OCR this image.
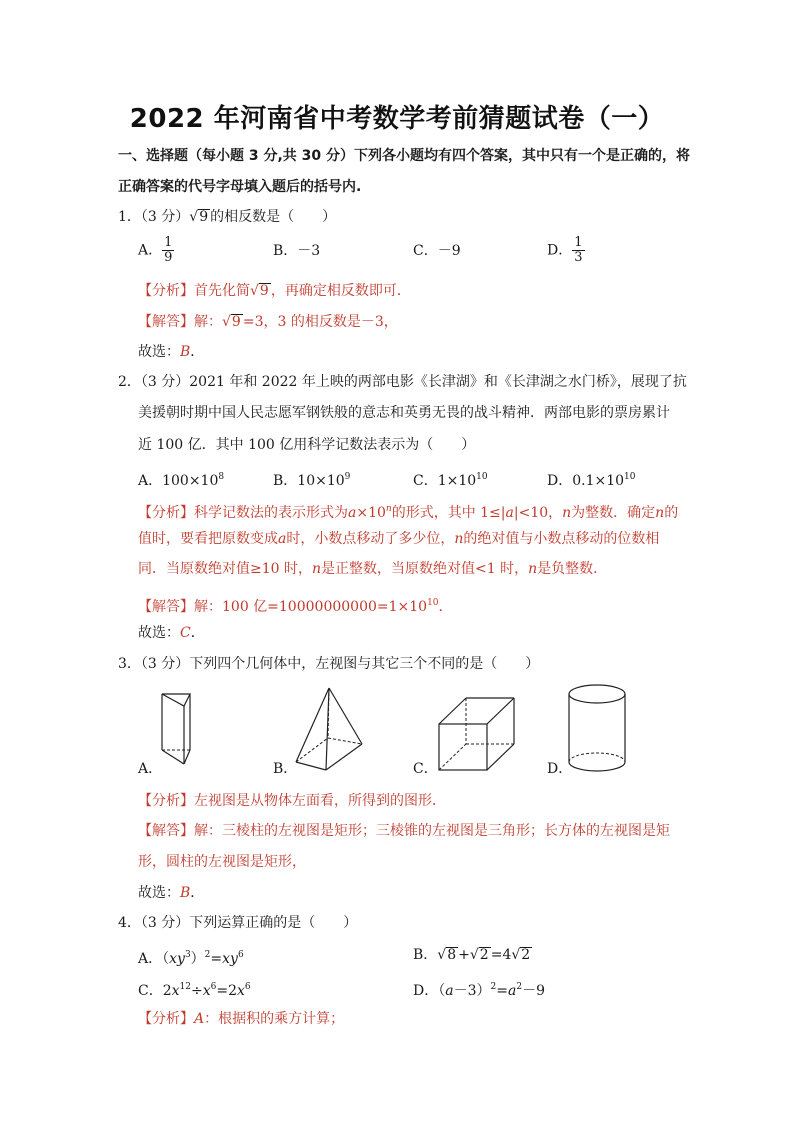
2022 年河南省中考数学考前猜题试卷（一）
一、选择题（每小题 3 分,共 30 分）下列各小题均有四个答案，其中只有一个是正确的，将
正确答案的代号字母填入题后的括号内.
1．（3 分）√9 的相反数是（　　）
A． $\frac{1}{9}$	B．－3	C．－9	D． $\frac{1}{3}$
【分析】首先化简√9 ，再确定相反数即可．
【解答】解：√9 =3，3 的相反数是－3，
故选：B．
2．（3 分）2021 年和 2022 年上映的两部电影《长津湖》和《长津湖之水门桥》，展现了抗
美援朝时期中国人民志愿军钢铁般的意志和英勇无畏的战斗精神．两部电影的票房累计
近 100 亿．其中 100 亿用科学记数法表示为（　　）
A．$100\times 10^8$	B．$10\times 10^9$	C．$1\times 10^{10}$	D．$0.1\times 10^{10}$
【分析】科学记数法的表示形式为$a\times 10^n$的形式，其中 1≤|a|<10，n为整数．确定n的
值时，要看把原数变成a时，小数点移动了多少位，n的绝对值与小数点移动的位数相
同．当原数绝对值≥10 时，n是正整数，当原数绝对值<1 时，n是负整数．
【解答】解：100 亿$=10000000000=1\times 10^{10}$．
故选：C．
3．（3 分）下列四个几何体中，左视图与其它三个不同的是（　　）
A．	B．	C．	D．
【分析】左视图是从物体左面看，所得到的图形．
【解答】解：三棱柱的左视图是矩形；三棱锥的左视图是三角形；长方体的左视图是矩
形，圆柱的左视图是矩形，
故选：B．
4．（3 分）下列运算正确的是（　　）
A．$(xy^3)^2=xy^6$	B．√8 +√2 =4√2
C．$2x^{12}\div x^6=2x^6$	D．$(a-3)^2=a^2-9$
【分析】A：根据积的乘方计算；
